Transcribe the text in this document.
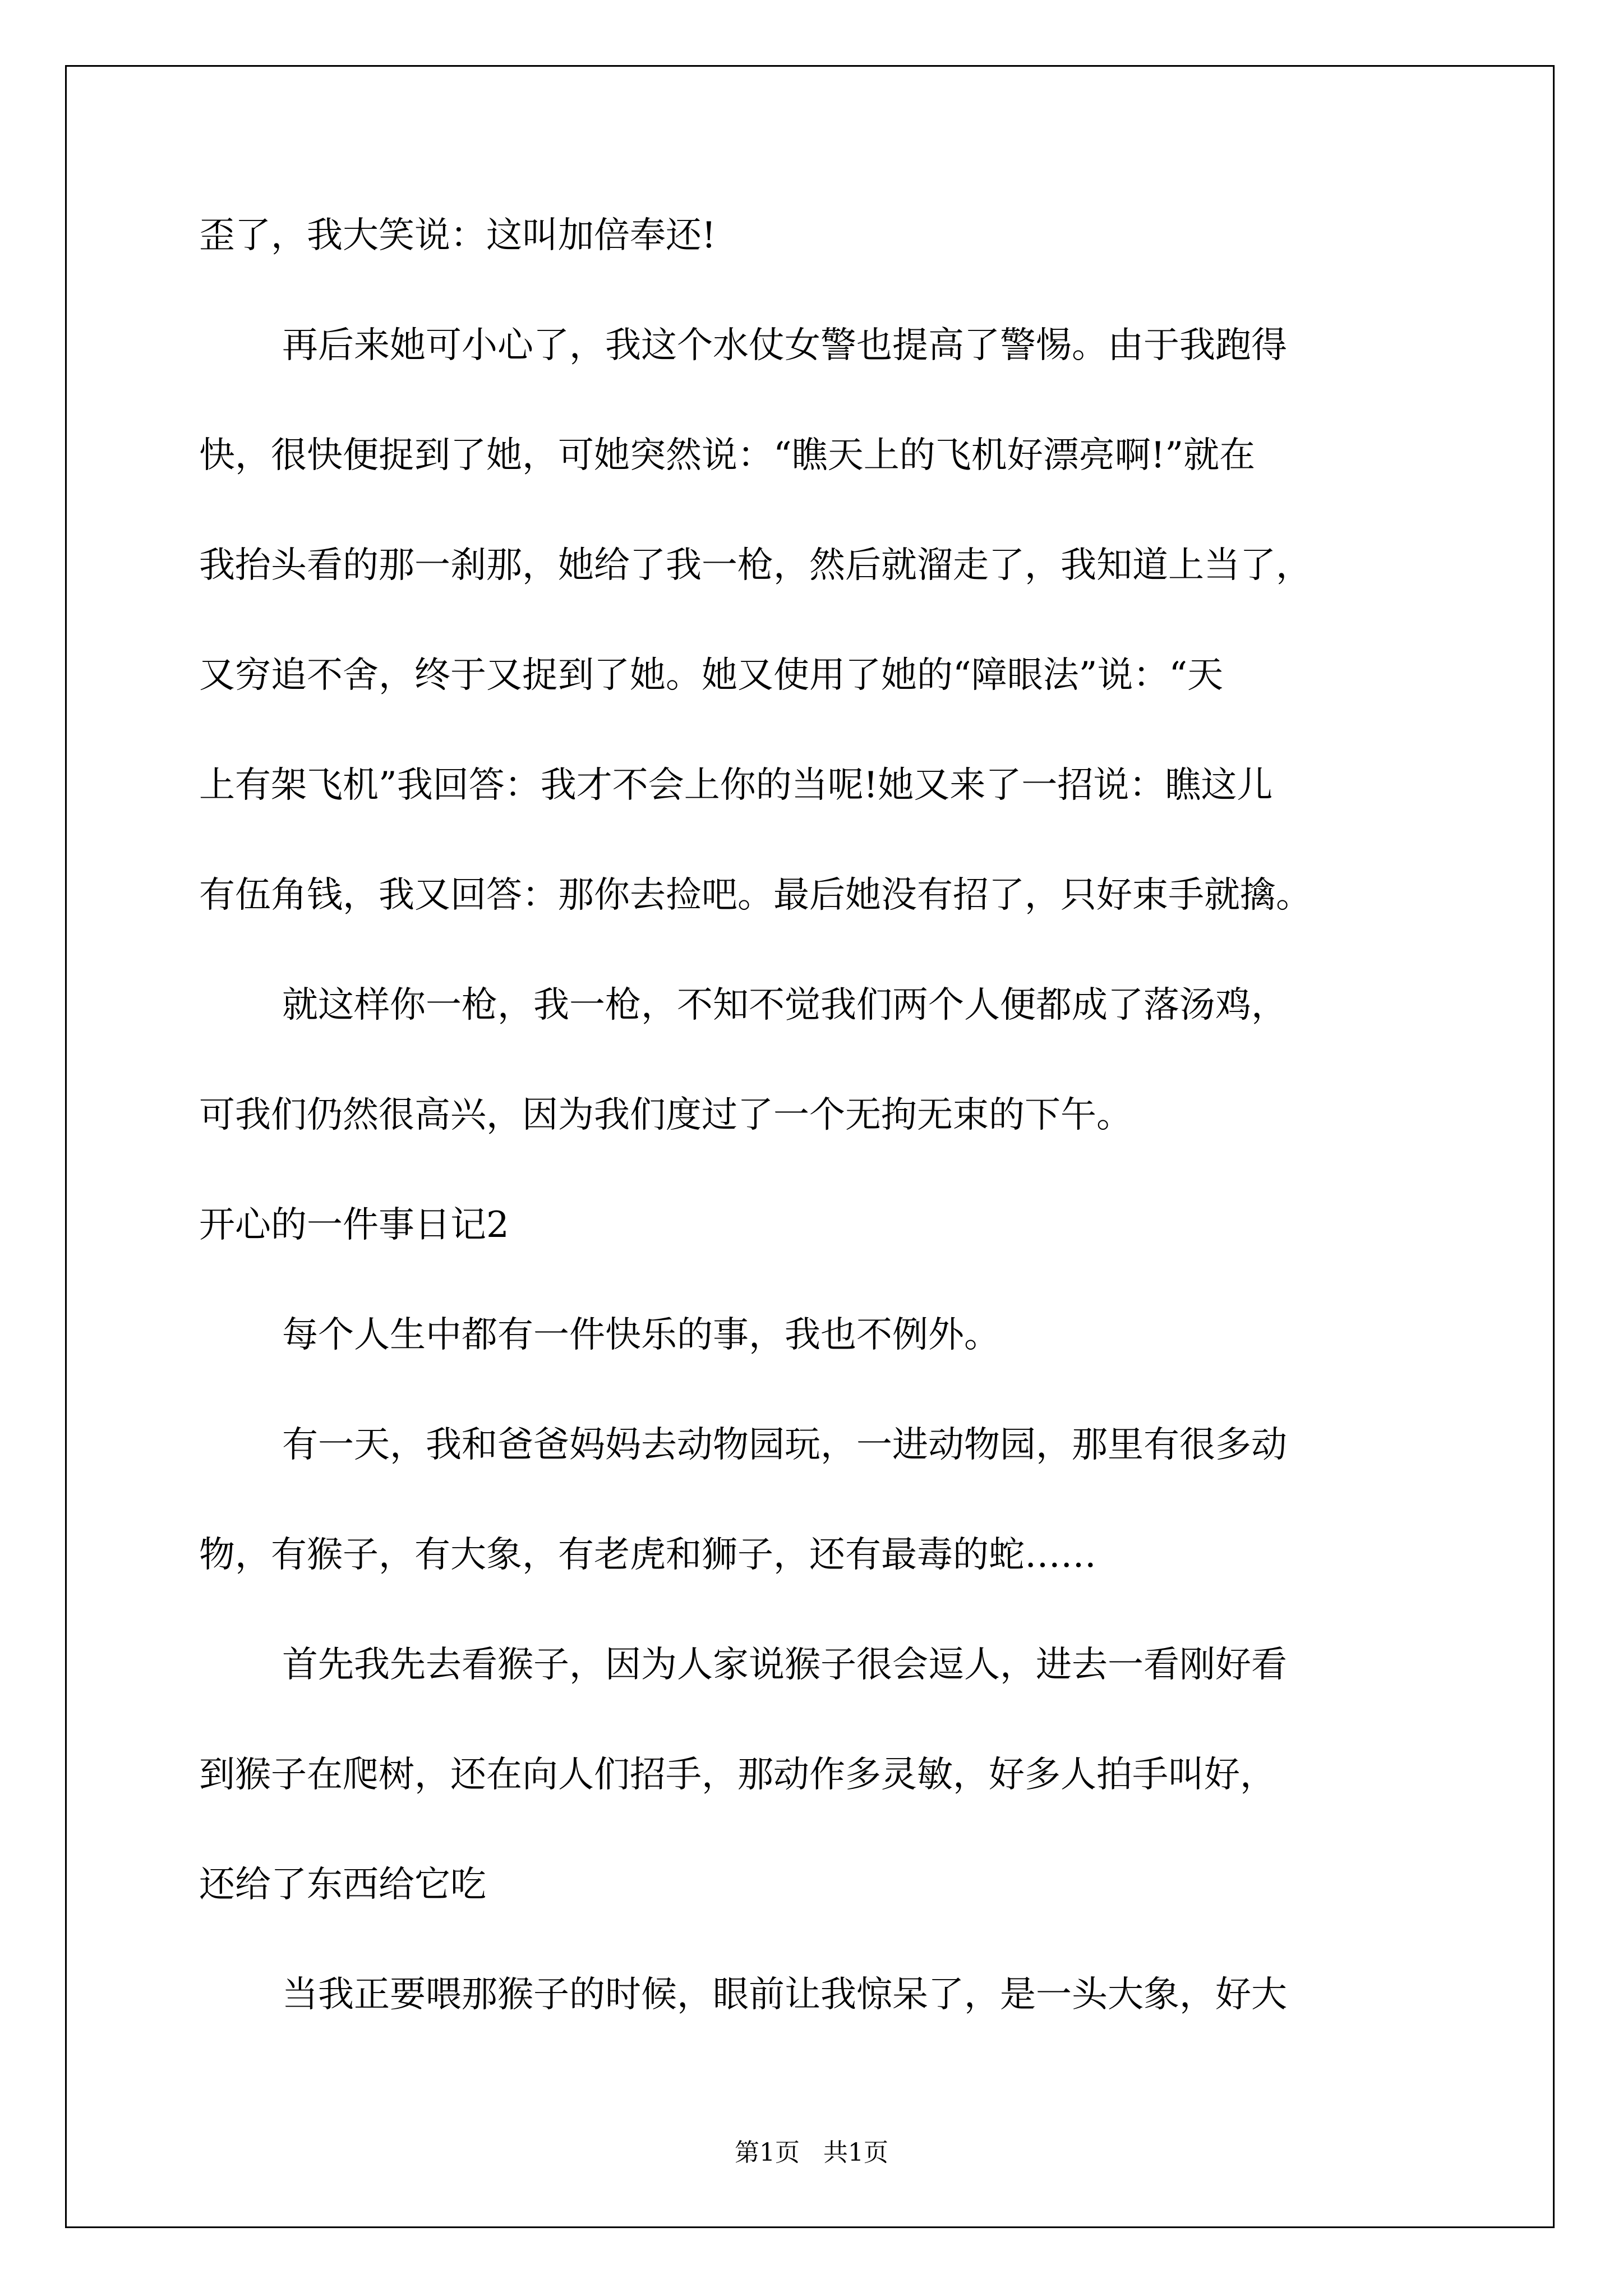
歪了，我大笑说：这叫加倍奉还!
再后来她可小心了，我这个水仗女警也提高了警惕。由于我跑得
快，很快便捉到了她，可她突然说：“瞧天上的飞机好漂亮啊!”就在
我抬头看的那一刹那，她给了我一枪，然后就溜走了，我知道上当了，
又穷追不舍，终于又捉到了她。她又使用了她的“障眼法”说：“天
上有架飞机”我回答：我才不会上你的当呢!她又来了一招说：瞧这儿
有伍角钱，我又回答：那你去捡吧。最后她没有招了，只好束手就擒。
就这样你一枪，我一枪，不知不觉我们两个人便都成了落汤鸡，
可我们仍然很高兴，因为我们度过了一个无拘无束的下午。
开心的一件事日记2
每个人生中都有一件快乐的事，我也不例外。
有一天，我和爸爸妈妈去动物园玩，一进动物园，那里有很多动
物，有猴子，有大象，有老虎和狮子，还有最毒的蛇……
首先我先去看猴子，因为人家说猴子很会逗人，进去一看刚好看
到猴子在爬树，还在向人们招手，那动作多灵敏，好多人拍手叫好，
还给了东西给它吃
当我正要喂那猴子的时候，眼前让我惊呆了，是一头大象，好大
第1页   共1页
